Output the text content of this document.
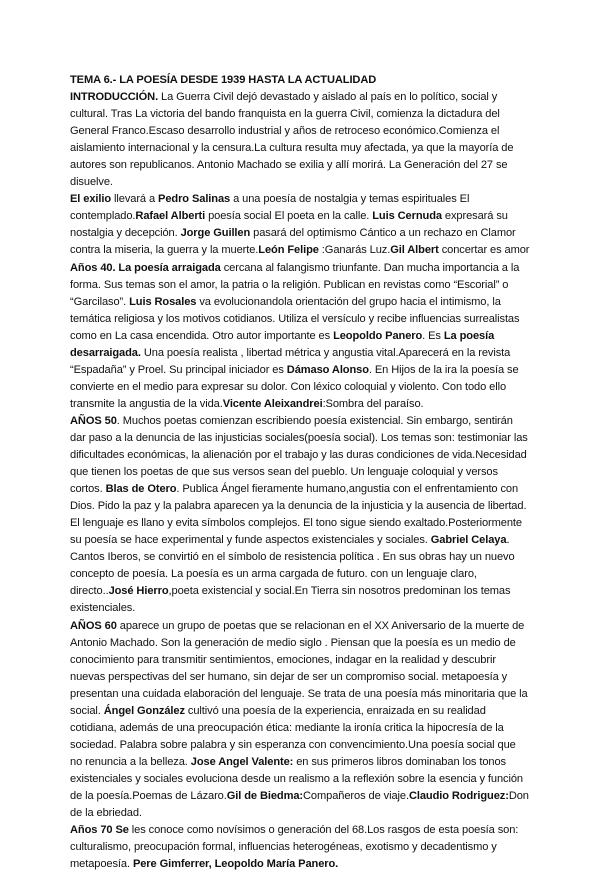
TEMA 6.- LA POESÍA DESDE 1939 HASTA LA ACTUALIDAD

INTRODUCCIÓN. La Guerra Civil dejó devastado y aislado al país en lo político, social y cultural. Tras La victoria del bando franquista en la guerra Civil, comienza la dictadura del General Franco.Escaso desarrollo industrial y años de retroceso económico.Comienza el aislamiento internacional y la censura.La cultura resulta muy afectada, ya que la mayoría de autores son republicanos. Antonio Machado se exilia y allí morirá. La Generación del 27 se disuelve.

El exilio llevará a Pedro Salinas a una poesía de nostalgia y temas espirituales El contemplado.Rafael Alberti poesía social El poeta en la calle. Luis Cernuda expresará su nostalgia y decepción. Jorge Guillen pasará del optimismo Cántico a un rechazo en Clamor contra la miseria, la guerra y la muerte.León Felipe :Ganarás Luz.Gil Albert concertar es amor

Años 40. La poesía arraigada cercana al falangismo triunfante. Dan mucha importancia a la forma. Sus temas son el amor, la patria o la religión. Publican en revistas como “Escorial” o “Garcilaso”. Luis Rosales va evolucionandola orientación del grupo hacia el intimismo, la temática religiosa y los motivos cotidianos. Utiliza el versículo y recibe influencias surrealistas como en La casa encendida. Otro autor importante es Leopoldo Panero. Es La poesía desarraigada. Una poesía realista , libertad métrica y angustia vital.Aparecerá en la revista “Espadaña” y Proel. Su principal iniciador es Dámaso Alonso. En Hijos de la ira la poesía se convierte en el medio para expresar su dolor. Con léxico coloquial y violento. Con todo ello transmite la angustia de la vida.Vicente Aleixandrei:Sombra del paraíso.

AÑOS 50. Muchos poetas comienzan escribiendo poesía existencial. Sin embargo, sentirán dar paso a la denuncia de las injusticias sociales(poesía social). Los temas son: testimoniar las dificultades económicas, la alienación por el trabajo y las duras condiciones de vida.Necesidad que tienen los poetas de que sus versos sean del pueblo. Un lenguaje coloquial y versos cortos. Blas de Otero. Publica Ángel fieramente humano,angustia con el enfrentamiento con Dios. Pido la paz y la palabra aparecen ya la denuncia de la injusticia y la ausencia de libertad. El lenguaje es llano y evita símbolos complejos. El tono sigue siendo exaltado.Posteriormente su poesía se hace experimental y funde aspectos existenciales y sociales. Gabriel Celaya. Cantos Iberos, se convirtió en el símbolo de resistencia política . En sus obras hay un nuevo concepto de poesía. La poesía es un arma cargada de futuro. con un lenguaje claro, directo..José Hierro,poeta existencial y social.En Tierra sin nosotros predominan los temas existenciales.

AÑOS 60 aparece un grupo de poetas que se relacionan en el XX Aniversario de la muerte de Antonio Machado. Son la generación de medio siglo . Piensan que la poesía es un medio de conocimiento para transmitir sentimientos, emociones, indagar en la realidad y descubrir nuevas perspectivas del ser humano, sin dejar de ser un compromiso social. metapoesía y presentan una cuidada elaboración del lenguaje. Se trata de una poesía más minoritaria que la social. Ángel González cultivó una poesía de la experiencia, enraizada en su realidad cotidiana, además de una preocupación ética: mediante la ironía critica la hipocresía de la sociedad. Palabra sobre palabra y sin esperanza con convencimiento.Una poesía social que no renuncia a la belleza. Jose Angel Valente: en sus primeros libros dominaban los tonos existenciales y sociales evoluciona desde un realismo a la reflexión sobre la esencia y función de la poesía.Poemas de Lázaro.Gil de Biedma:Compañeros de viaje.Claudio Rodriguez:Don de la ebriedad.

Años 70 Se les conoce como novísimos o generación del 68.Los rasgos de esta poesía son: culturalismo, preocupación formal, influencias heterogéneas, exotismo y decadentismo y metapoesía. Pere Gimferrer, Leopoldo María Panero.
